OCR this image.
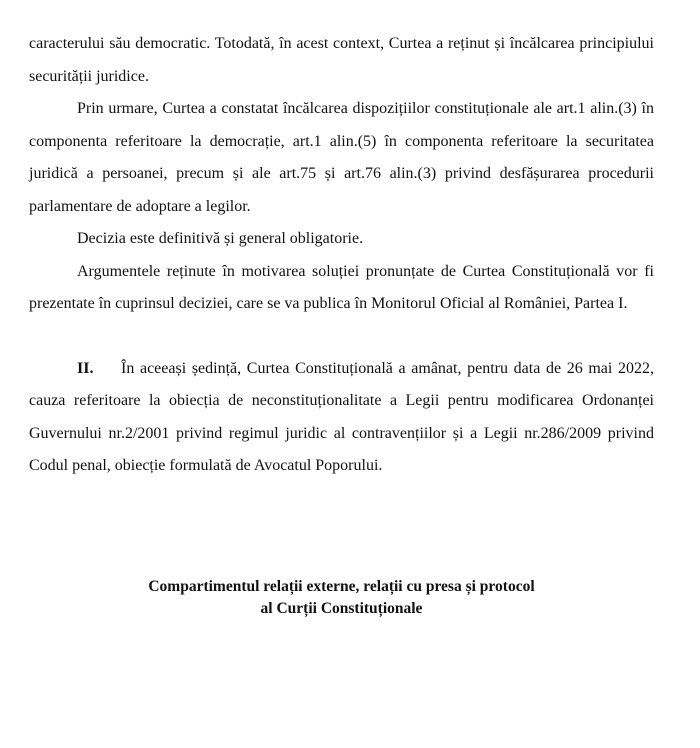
caracterului său democratic. Totodată, în acest context, Curtea a reținut și încălcarea principiului securității juridice.

Prin urmare, Curtea a constatat încălcarea dispozițiilor constituționale ale art.1 alin.(3) în componenta referitoare la democrație, art.1 alin.(5) în componenta referitoare la securitatea juridică a persoanei, precum și ale art.75 și art.76 alin.(3) privind desfășurarea procedurii parlamentare de adoptare a legilor.

Decizia este definitivă și general obligatorie.

Argumentele reținute în motivarea soluției pronunțate de Curtea Constituțională vor fi prezentate în cuprinsul deciziei, care se va publica în Monitorul Oficial al României, Partea I.

II. În aceeași ședință, Curtea Constituțională a amânat, pentru data de 26 mai 2022, cauza referitoare la obiecția de neconstituționalitate a Legii pentru modificarea Ordonanței Guvernului nr.2/2001 privind regimul juridic al contravențiilor și a Legii nr.286/2009 privind Codul penal, obiecție formulată de Avocatul Poporului.

Compartimentul relații externe, relații cu presa și protocol
al Curții Constituționale
